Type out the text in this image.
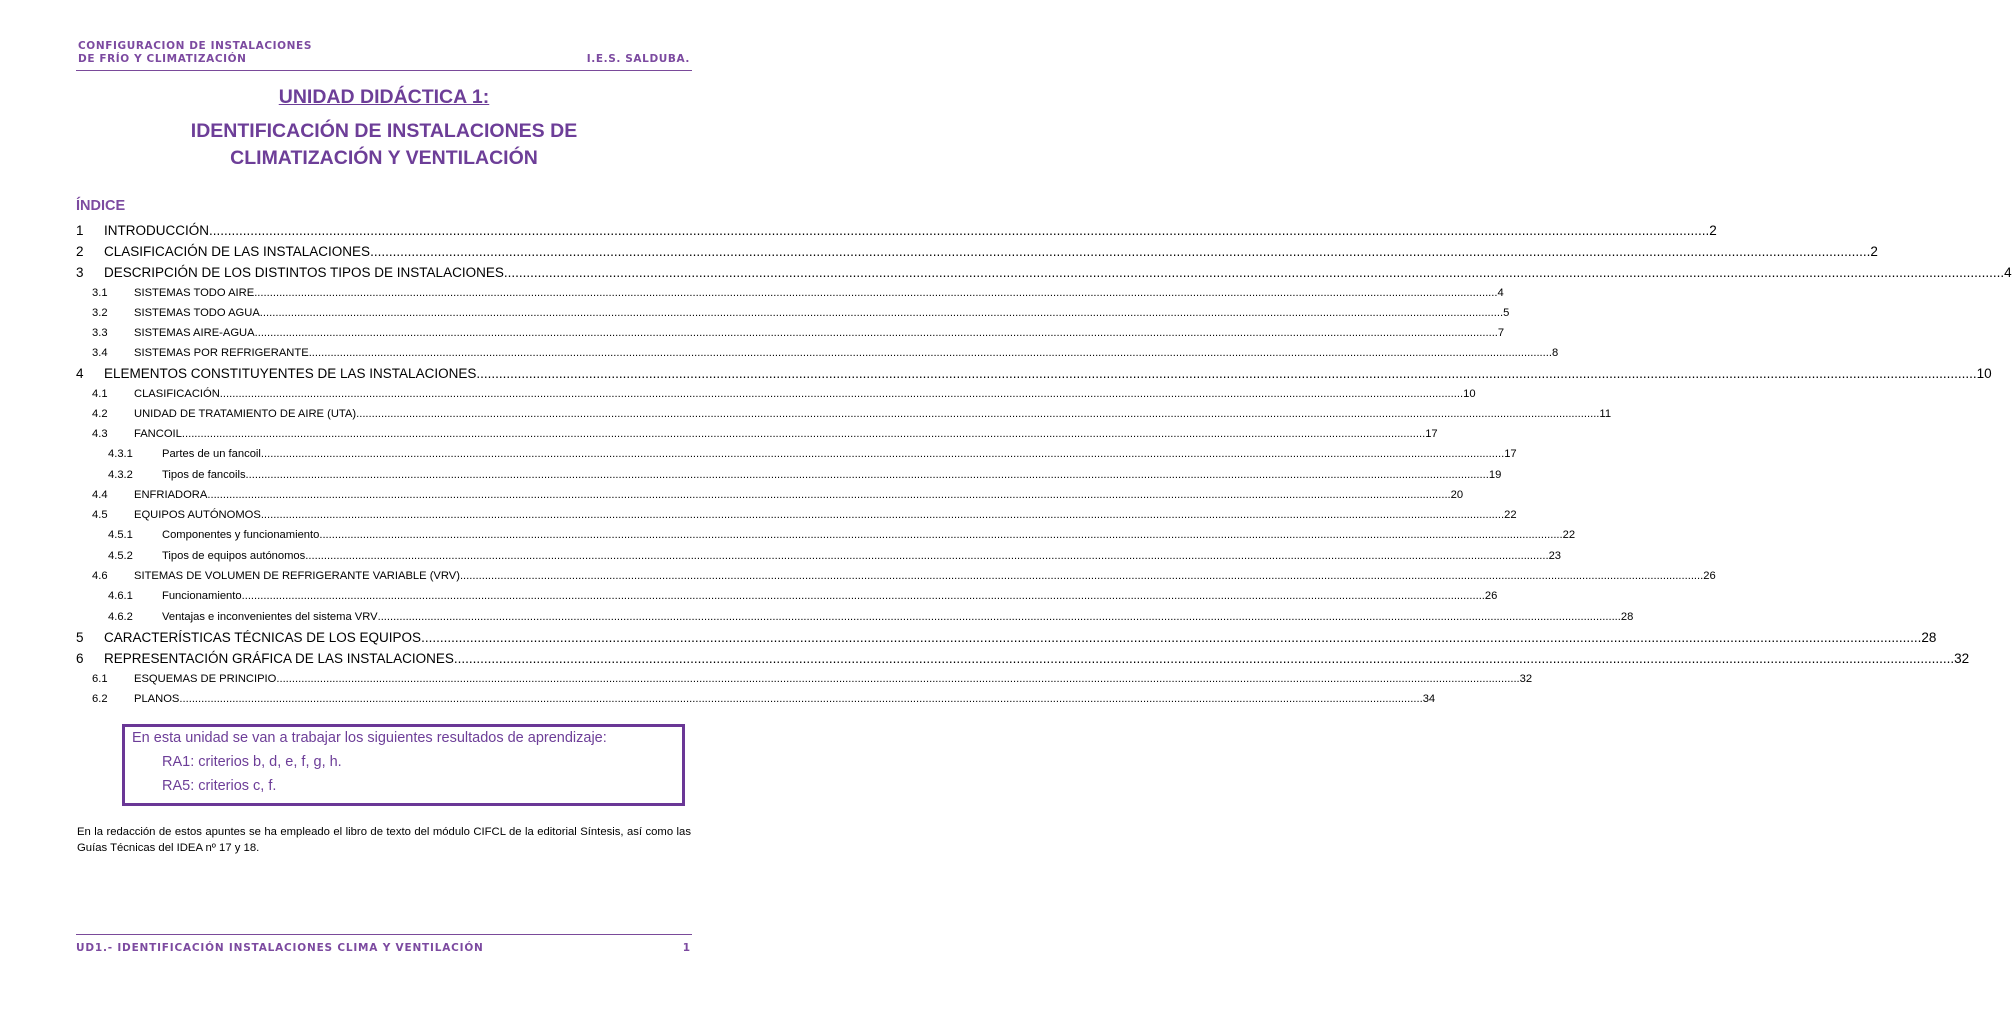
CONFIGURACION DE INSTALACIONES
DE FRÍO Y CLIMATIZACIÓN	I.E.S. SALDUBA.
UNIDAD DIDÁCTICA 1:
IDENTIFICACIÓN DE INSTALACIONES DE
CLIMATIZACIÓN Y VENTILACIÓN
ÍNDICE
1	INTRODUCCIÓN ................................................................................................................................................................................................................................................................................................................................................................................................................ 2
2	CLASIFICACIÓN DE LAS INSTALACIONES ................................................................................................................................................................................................................................................................................................................................................................................................................ 2
3	DESCRIPCIÓN DE LOS DISTINTOS TIPOS DE INSTALACIONES ................................................................................................................................................................................................................................................................................................................................................................................................................ 4
3.1	SISTEMAS TODO AIRE ................................................................................................................................................................................................................................................................................................................................................................................................................ 4
3.2	SISTEMAS TODO AGUA ................................................................................................................................................................................................................................................................................................................................................................................................................ 5
3.3	SISTEMAS AIRE-AGUA ................................................................................................................................................................................................................................................................................................................................................................................................................ 7
3.4	SISTEMAS POR REFRIGERANTE ................................................................................................................................................................................................................................................................................................................................................................................................................ 8
4	ELEMENTOS CONSTITUYENTES DE LAS INSTALACIONES ................................................................................................................................................................................................................................................................................................................................................................................................................ 10
4.1	CLASIFICACIÓN ................................................................................................................................................................................................................................................................................................................................................................................................................ 10
4.2	UNIDAD DE TRATAMIENTO DE AIRE (UTA) ................................................................................................................................................................................................................................................................................................................................................................................................................ 11
4.3	FANCOIL ................................................................................................................................................................................................................................................................................................................................................................................................................ 17
4.3.1	Partes de un fancoil ................................................................................................................................................................................................................................................................................................................................................................................................................ 17
4.3.2	Tipos de fancoils ................................................................................................................................................................................................................................................................................................................................................................................................................ 19
4.4	ENFRIADORA ................................................................................................................................................................................................................................................................................................................................................................................................................ 20
4.5	EQUIPOS AUTÓNOMOS ................................................................................................................................................................................................................................................................................................................................................................................................................ 22
4.5.1	Componentes y funcionamiento ................................................................................................................................................................................................................................................................................................................................................................................................................ 22
4.5.2	Tipos de equipos autónomos ................................................................................................................................................................................................................................................................................................................................................................................................................ 23
4.6	SITEMAS DE VOLUMEN DE REFRIGERANTE VARIABLE (VRV) ................................................................................................................................................................................................................................................................................................................................................................................................................ 26
4.6.1	Funcionamiento ................................................................................................................................................................................................................................................................................................................................................................................................................ 26
4.6.2	Ventajas e inconvenientes del sistema VRV ................................................................................................................................................................................................................................................................................................................................................................................................................ 28
5	CARACTERÍSTICAS TÉCNICAS DE LOS EQUIPOS ................................................................................................................................................................................................................................................................................................................................................................................................................ 28
6	REPRESENTACIÓN GRÁFICA DE LAS INSTALACIONES ................................................................................................................................................................................................................................................................................................................................................................................................................ 32
6.1	ESQUEMAS DE PRINCIPIO ................................................................................................................................................................................................................................................................................................................................................................................................................ 32
6.2	PLANOS ................................................................................................................................................................................................................................................................................................................................................................................................................ 34
En esta unidad se van a trabajar los siguientes resultados de aprendizaje:
RA1: criterios b, d, e, f, g, h.
RA5: criterios c, f.
En la redacción de estos apuntes se ha empleado el libro de texto del módulo CIFCL de la editorial Síntesis, así como las Guías Técnicas del IDEA nº 17 y 18.
UD1.- IDENTIFICACIÓN INSTALACIONES CLIMA Y VENTILACIÓN	1
